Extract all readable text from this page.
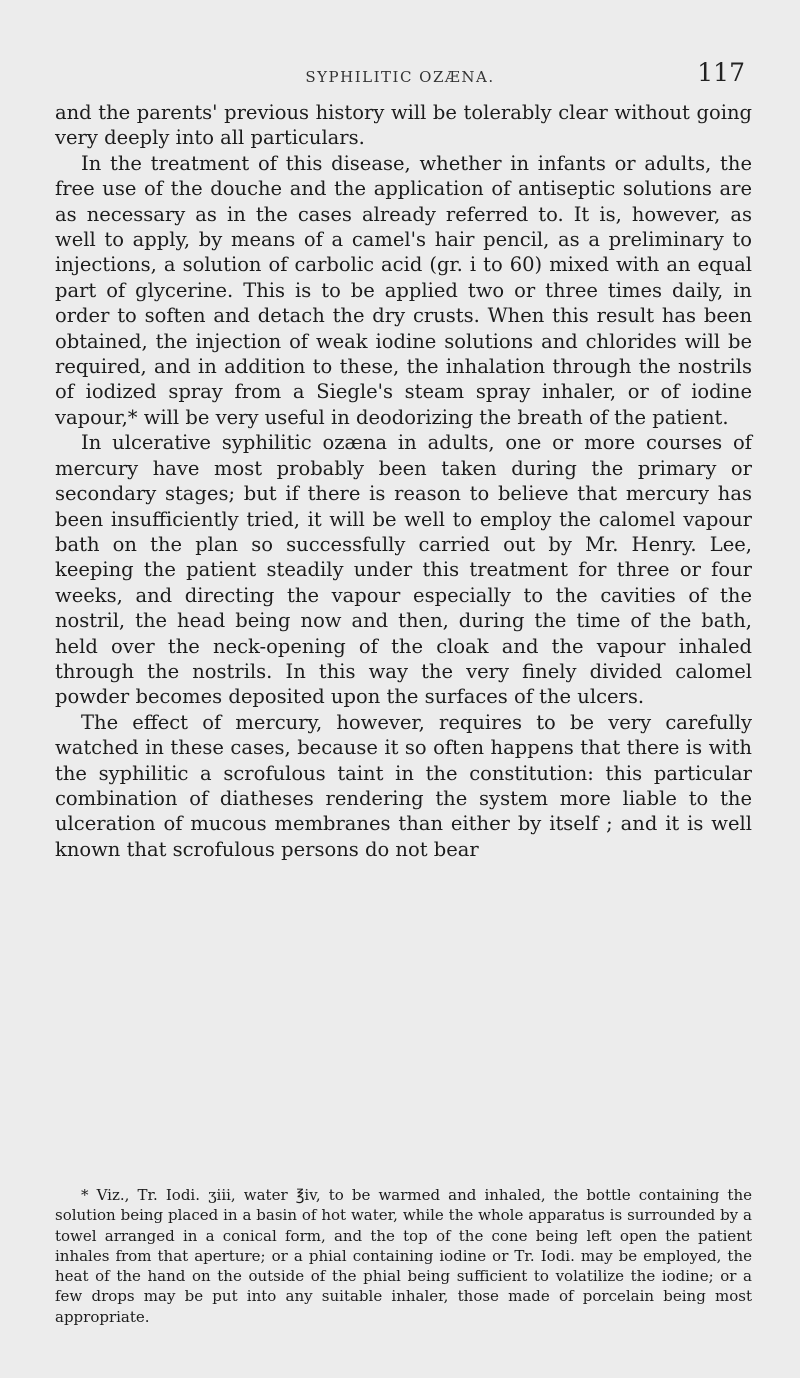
SYPHILITIC OZÆNA.	117

and the parents' previous history will be tolerably clear without going very deeply into all particulars.

In the treatment of this disease, whether in infants or adults, the free use of the douche and the application of antiseptic solutions are as necessary as in the cases already referred to. It is, however, as well to apply, by means of a camel's hair pencil, as a preliminary to injections, a solution of carbolic acid (gr. i to 60) mixed with an equal part of glycerine. This is to be applied two or three times daily, in order to soften and detach the dry crusts. When this result has been obtained, the injection of weak iodine solutions and chlorides will be required, and in addition to these, the inhalation through the nostrils of iodized spray from a Siegle's steam spray inhaler, or of iodine vapour,* will be very useful in deodorizing the breath of the patient.

In ulcerative syphilitic ozæna in adults, one or more courses of mercury have most probably been taken during the primary or secondary stages; but if there is reason to believe that mercury has been insufficiently tried, it will be well to employ the calomel vapour bath on the plan so successfully carried out by Mr. Henry. Lee, keeping the patient steadily under this treatment for three or four weeks, and directing the vapour especially to the cavities of the nostril, the head being now and then, during the time of the bath, held over the neck-opening of the cloak and the vapour inhaled through the nostrils. In this way the very finely divided calomel powder becomes deposited upon the surfaces of the ulcers.

The effect of mercury, however, requires to be very carefully watched in these cases, because it so often happens that there is with the syphilitic a scrofulous taint in the constitution: this particular combination of diatheses rendering the system more liable to the ulceration of mucous membranes than either by itself ; and it is well known that scrofulous persons do not bear

* Viz., Tr. Iodi. ʒiii, water ℥iv, to be warmed and inhaled, the bottle containing the solution being placed in a basin of hot water, while the whole apparatus is surrounded by a towel arranged in a conical form, and the top of the cone being left open the patient inhales from that aperture; or a phial containing iodine or Tr. Iodi. may be employed, the heat of the hand on the outside of the phial being sufficient to volatilize the iodine; or a few drops may be put into any suitable inhaler, those made of porcelain being most appropriate.
